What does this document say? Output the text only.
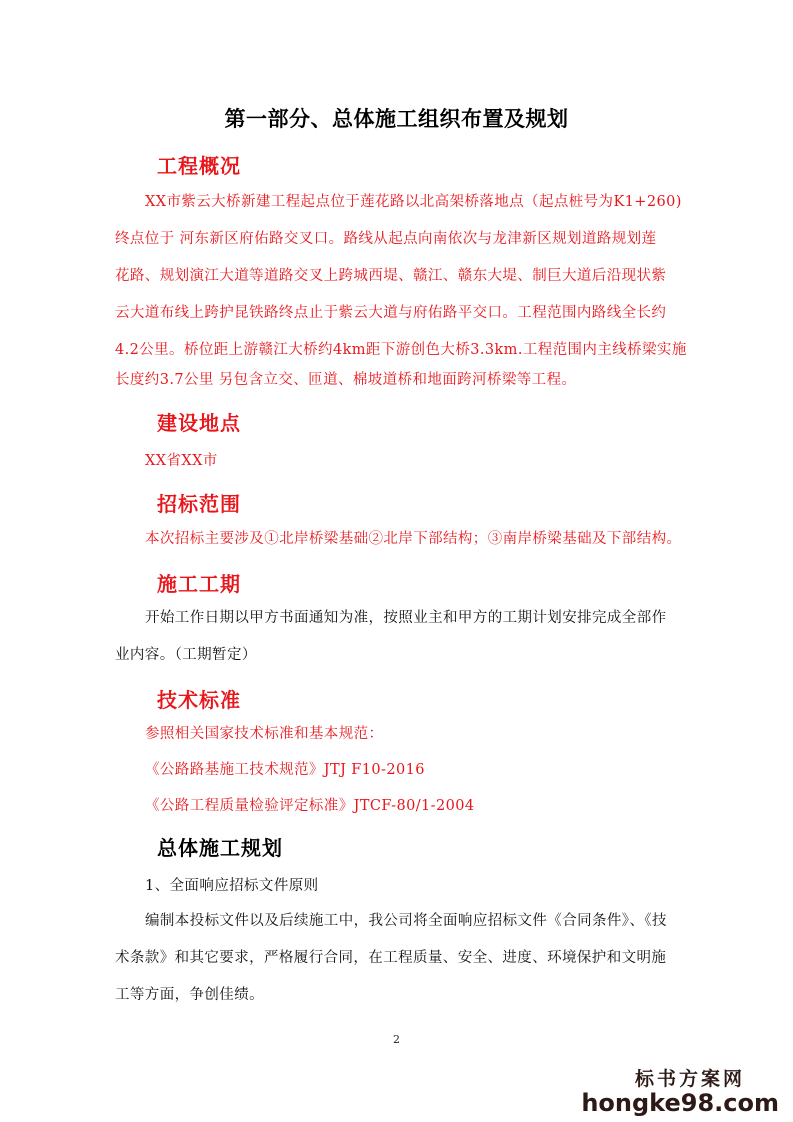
第一部分、总体施工组织布置及规划
工程概况
XX市紫云大桥新建工程起点位于莲花路以北高架桥落地点（起点桩号为K1+260)
终点位于 河东新区府佑路交叉口。路线从起点向南依次与龙津新区规划道路规划莲
花路、规划演江大道等道路交叉上跨城西堤、赣江、赣东大堤、制巨大道后沿现状紫
云大道布线上跨护昆铁路终点止于紫云大道与府佑路平交口。工程范围内路线全长约
4.2公里。桥位距上游赣江大桥约4km距下游创色大桥3.3km.工程范围内主线桥梁实施
长度约3.7公里 另包含立交、匝道、棉坡道桥和地面跨河桥梁等工程。
建设地点
XX省XX市
招标范围
本次招标主要涉及①北岸桥梁基础②北岸下部结构；③南岸桥梁基础及下部结构。
施工工期
开始工作日期以甲方书面通知为准，按照业主和甲方的工期计划安排完成全部作
业内容。（工期暂定）
技术标准
参照相关国家技术标准和基本规范：
《公路路基施工技术规范》JTJ F10-2016
《公路工程质量检验评定标准》JTCF-80/1-2004
总体施工规划
1、全面响应招标文件原则
编制本投标文件以及后续施工中，我公司将全面响应招标文件《合同条件》、《技
术条款》和其它要求，严格履行合同，在工程质量、安全、进度、环境保护和文明施
工等方面，争创佳绩。
2
标书方案网
hongke98.com
